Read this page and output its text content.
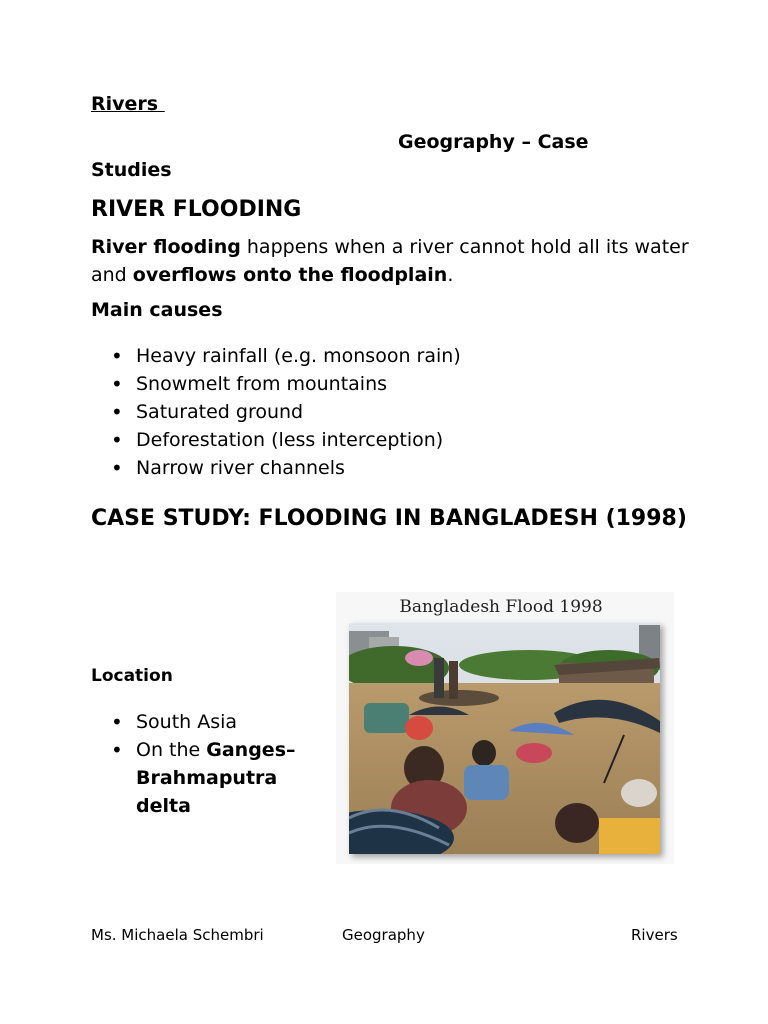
Rivers
Geography – Case
Studies
RIVER FLOODING
River flooding happens when a river cannot hold all its water and overflows onto the floodplain.
Main causes
• Heavy rainfall (e.g. monsoon rain)
• Snowmelt from mountains
• Saturated ground
• Deforestation (less interception)
• Narrow river channels
CASE STUDY: FLOODING IN BANGLADESH (1998)
Location
• South Asia
• On the Ganges– Brahmaputra delta
Bangladesh Flood 1998
Ms. Michaela Schembri	Geography	Rivers
